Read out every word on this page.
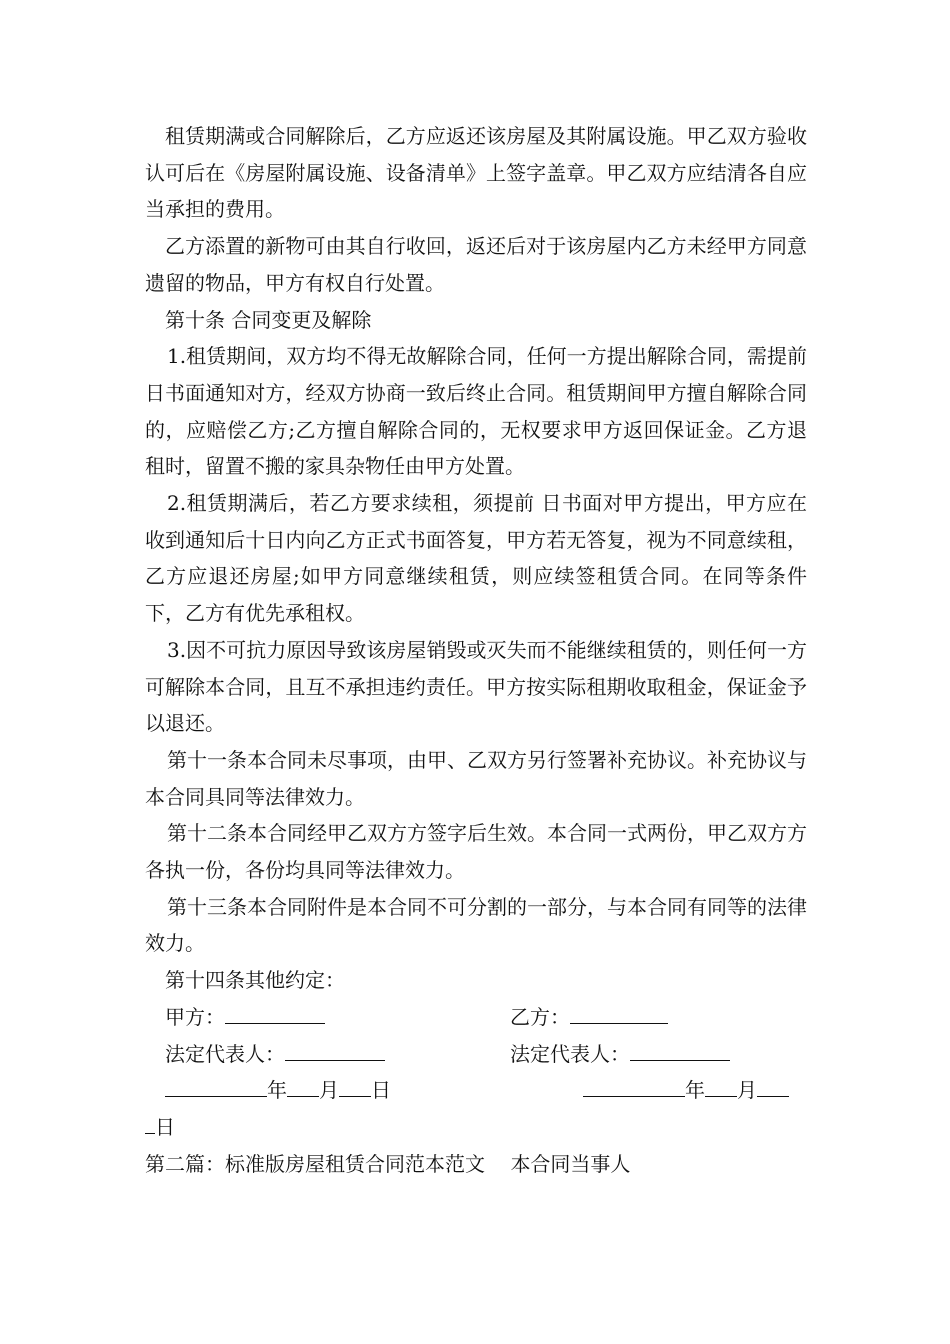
租赁期满或合同解除后，乙方应返还该房屋及其附属设施。甲乙双方验收认可后在《房屋附属设施、设备清单》上签字盖章。甲乙双方应结清各自应当承担的费用。

乙方添置的新物可由其自行收回，返还后对于该房屋内乙方未经甲方同意遗留的物品，甲方有权自行处置。

第十条 合同变更及解除

1.租赁期间，双方均不得无故解除合同，任何一方提出解除合同，需提前 日书面通知对方，经双方协商一致后终止合同。租赁期间甲方擅自解除合同的，应赔偿乙方;乙方擅自解除合同的，无权要求甲方返回保证金。乙方退租时，留置不搬的家具杂物任由甲方处置。

2.租赁期满后，若乙方要求续租，须提前 日书面对甲方提出，甲方应在收到通知后十日内向乙方正式书面答复，甲方若无答复，视为不同意续租，乙方应退还房屋;如甲方同意继续租赁，则应续签租赁合同。在同等条件下，乙方有优先承租权。

3.因不可抗力原因导致该房屋销毁或灭失而不能继续租赁的，则任何一方可解除本合同，且互不承担违约责任。甲方按实际租期收取租金，保证金予以退还。

第十一条本合同未尽事项，由甲、乙双方另行签署补充协议。补充协议与本合同具同等法律效力。

第十二条本合同经甲乙双方方签字后生效。本合同一式两份，甲乙双方方各执一份，各份均具同等法律效力。

第十三条本合同附件是本合同不可分割的一部分，与本合同有同等的法律效力。

第十四条其他约定：

甲方：	乙方：
法定代表人：	法定代表人：
年 月 日	年 月
日
第二篇：标准版房屋租赁合同范本范文 本合同当事人
